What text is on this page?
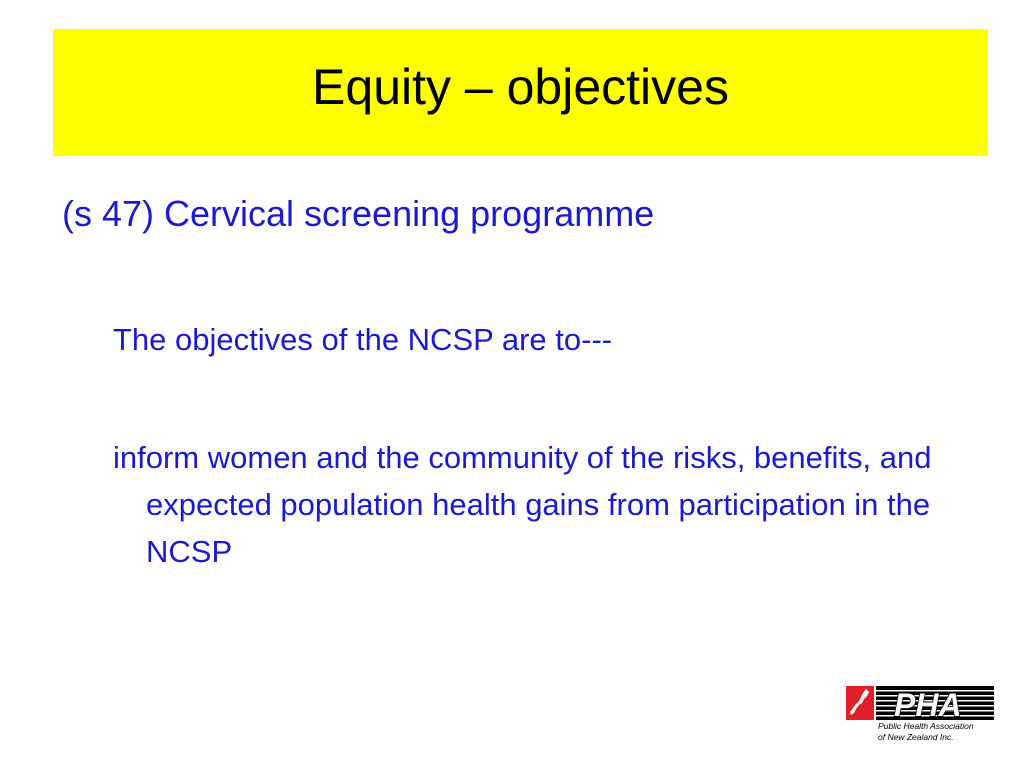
Equity – objectives
(s 47) Cervical screening programme
The objectives of the NCSP are to---
inform women and the community of the risks, benefits, and expected population health gains from participation in the NCSP
PHA
Public Health Association
of New Zealand Inc.
